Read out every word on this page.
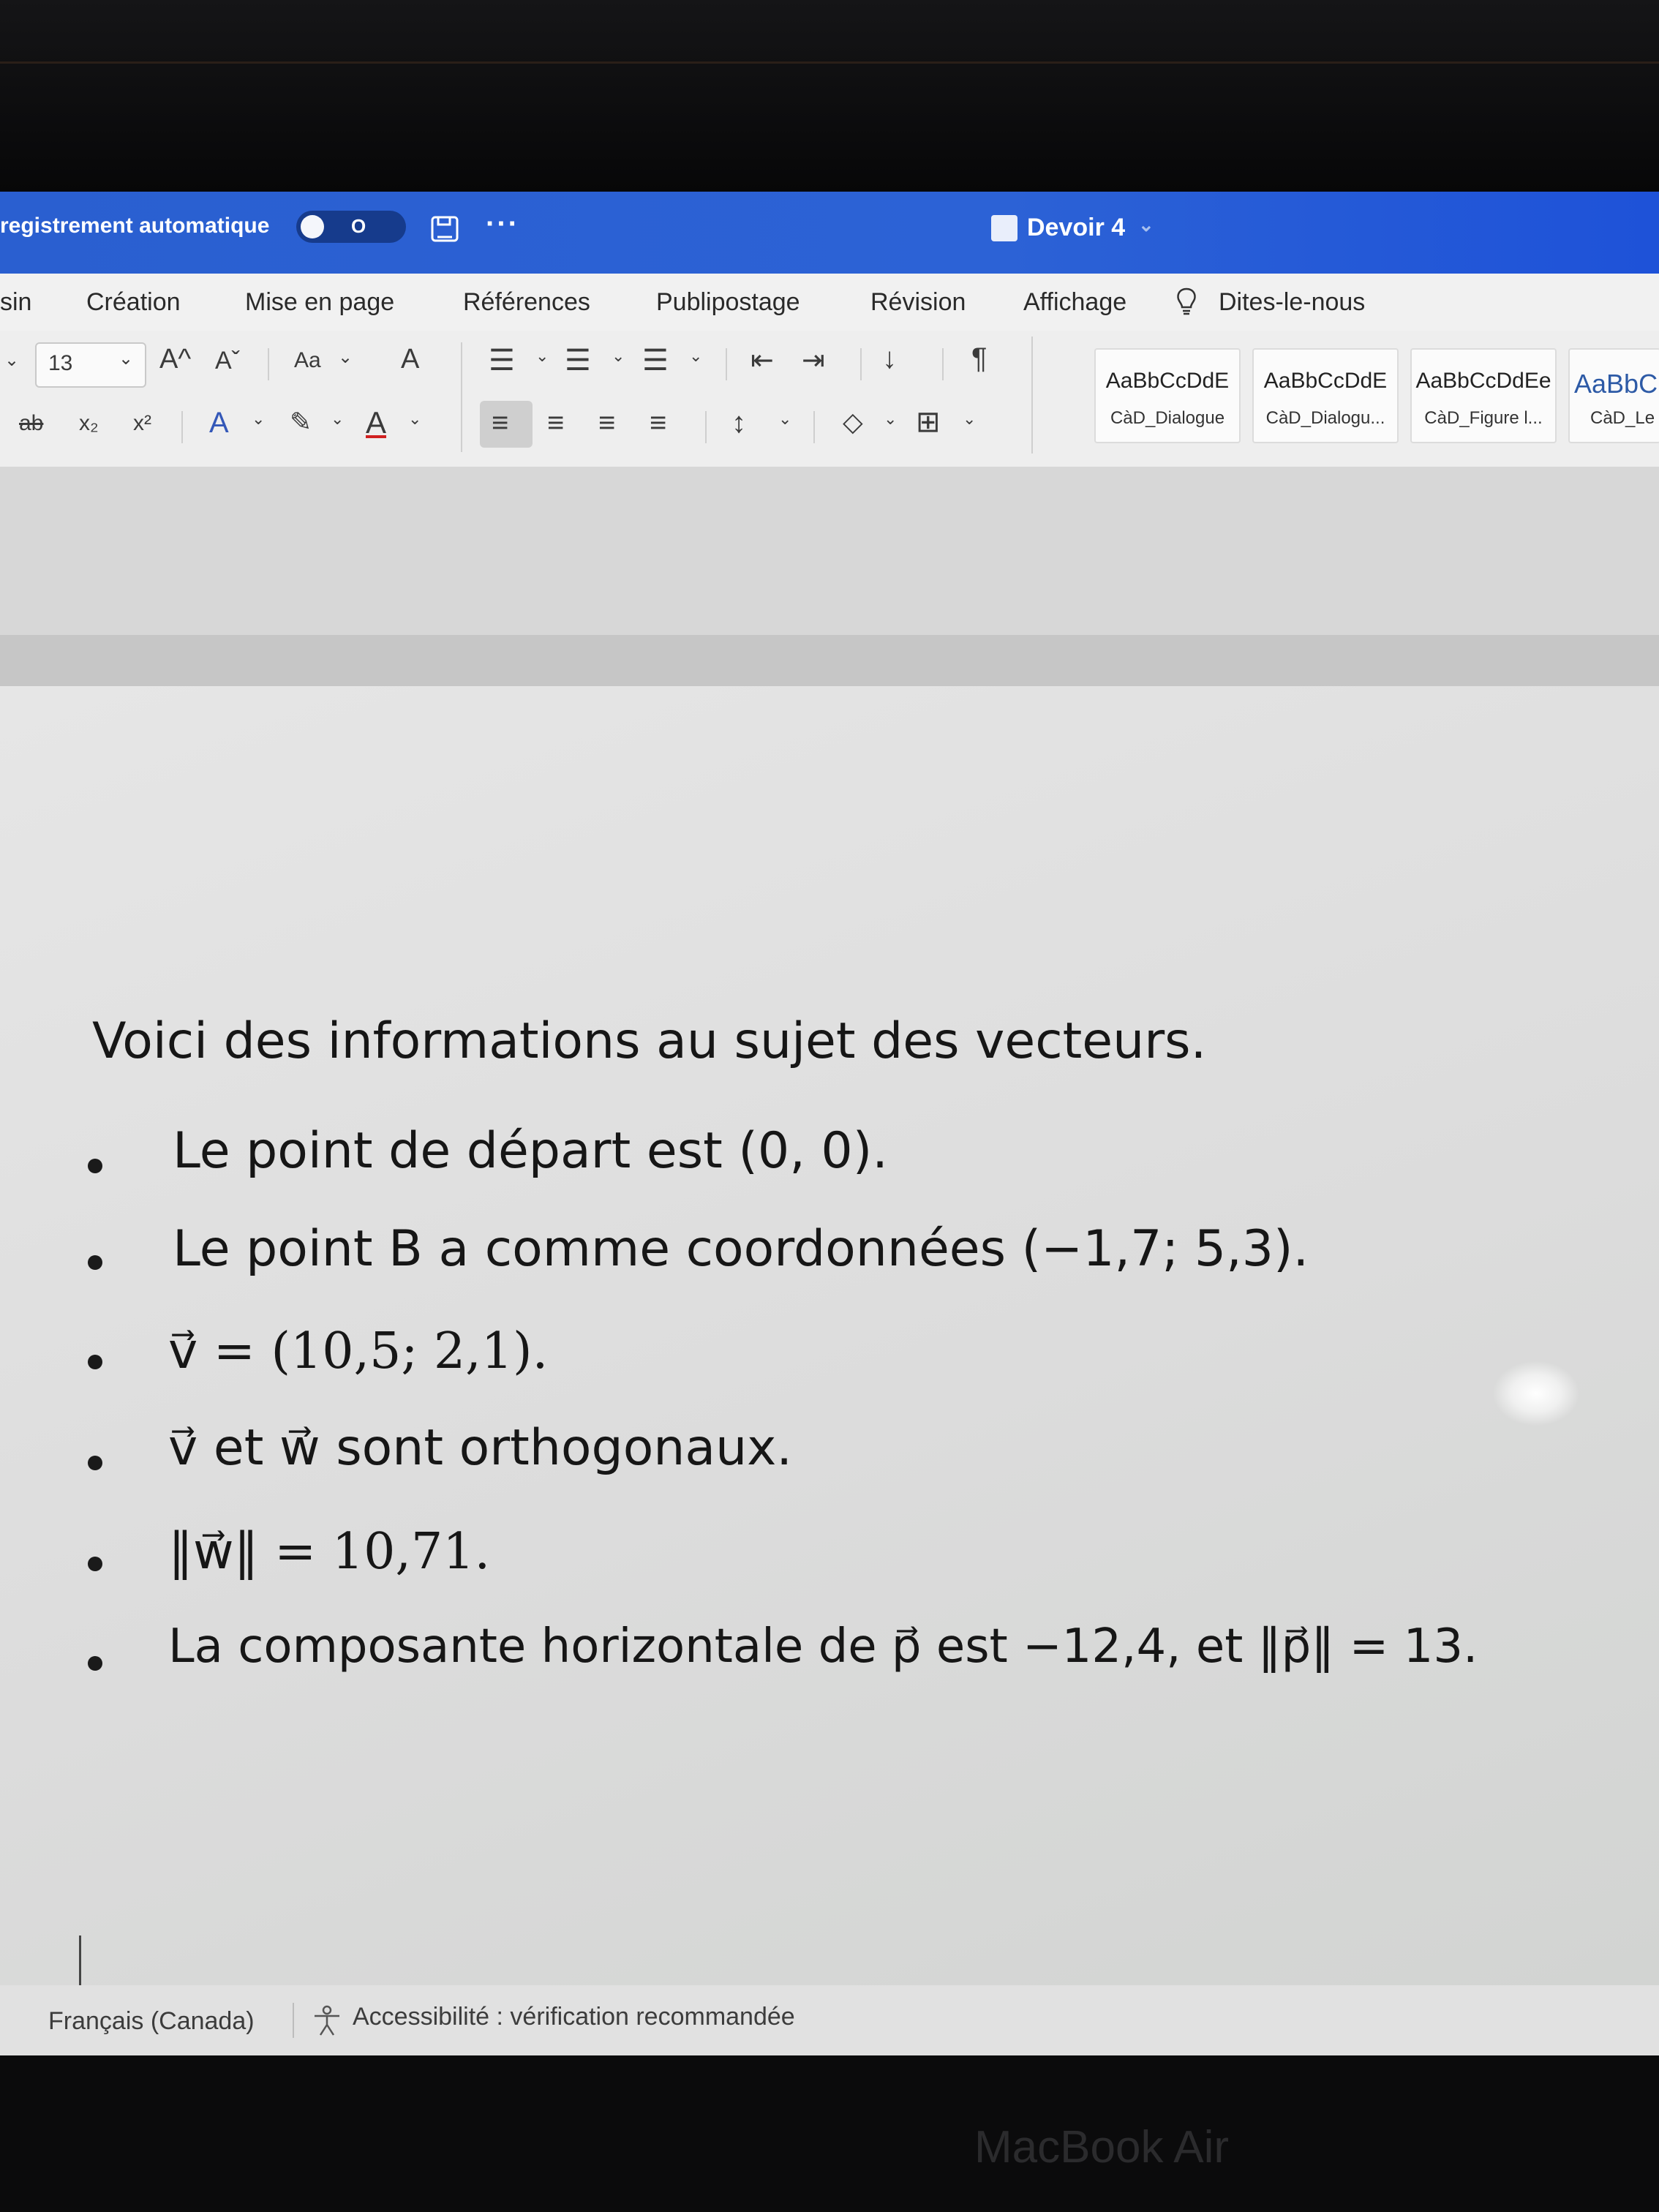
registrement automatique	O	···	Devoir 4 ⌄
sin Création	Mise en page	Références	Publipostage	Révision Affichage	Dites-le-nous
⌄ 13	⌄ A^ Aˇ Aa ⌄ A ☰ ⌄ ☰ ⌄ ☰ ⌄ ⇤ ⇥ ↓	¶
ab x₂ x² A ⌄ ✎ ⌄ A ⌄ ≡ ≡ ≡ ≡ ↕ ⌄ ◇ ⌄ ⊞ ⌄
AaBbCcDdE
CàD_Dialogue
AaBbCcDdE
CàD_Dialogu...
AaBbCcDdEe
CàD_Figure l...
AaBbC
CàD_Le
Voici des informations au sujet des vecteurs.
Le point de départ est (0, 0).
Le point B a comme coordonnées (−1,7; 5,3).
v⃗ = (10,5; 2,1).
v⃗ et w⃗ sont orthogonaux.
‖w⃗‖ = 10,71.
La composante horizontale de p⃗ est −12,4, et ‖p⃗‖ = 13.
Français (Canada)	Accessibilité : vérification recommandée
MacBook Air
